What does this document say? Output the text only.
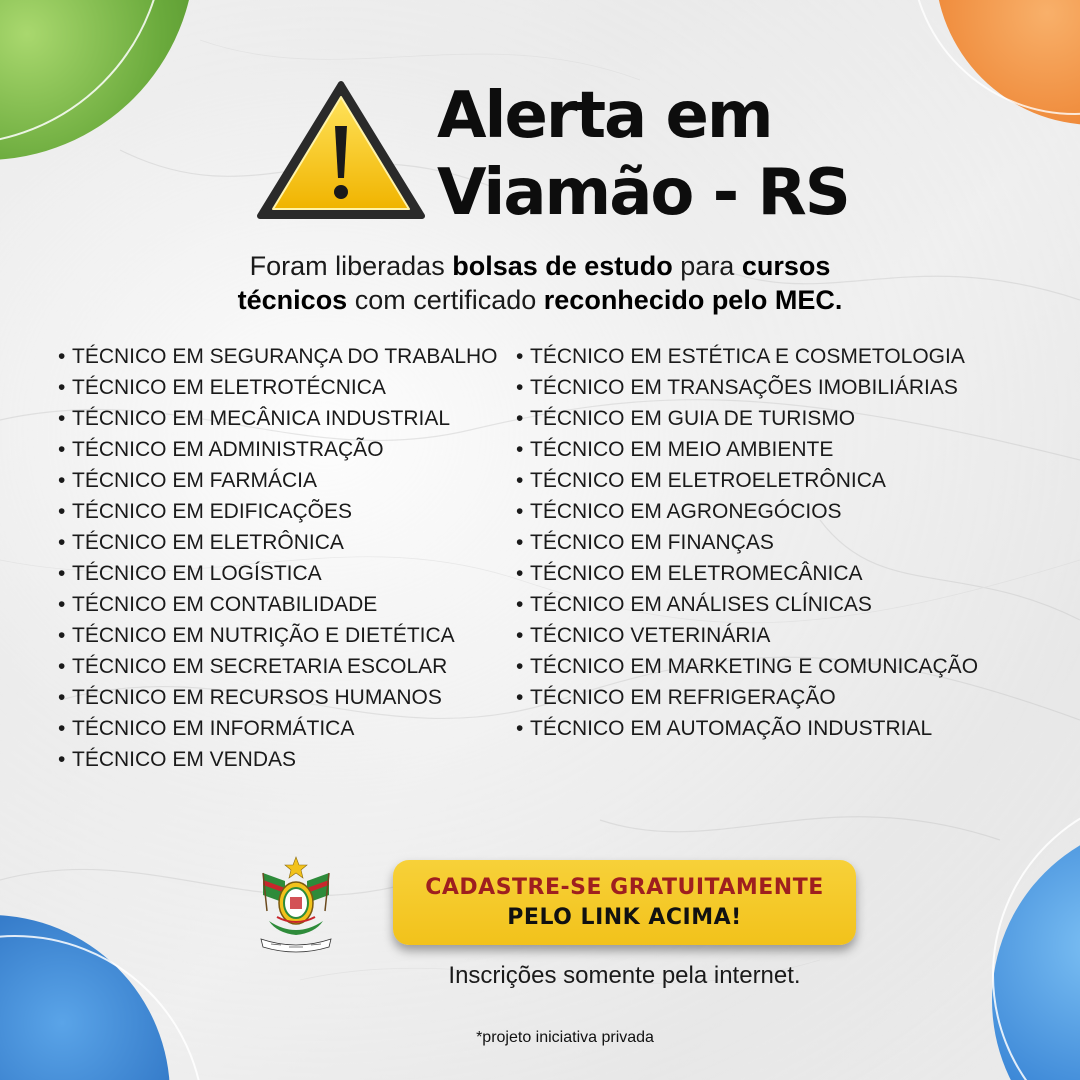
Alerta em
Viamão - RS

Foram liberadas bolsas de estudo para cursos
técnicos com certificado reconhecido pelo MEC.

• TÉCNICO EM SEGURANÇA DO TRABALHO
• TÉCNICO EM ELETROTÉCNICA
• TÉCNICO EM MECÂNICA INDUSTRIAL
• TÉCNICO EM ADMINISTRAÇÃO
• TÉCNICO EM FARMÁCIA
• TÉCNICO EM EDIFICAÇÕES
• TÉCNICO EM ELETRÔNICA
• TÉCNICO EM LOGÍSTICA
• TÉCNICO EM CONTABILIDADE
• TÉCNICO EM NUTRIÇÃO E DIETÉTICA
• TÉCNICO EM SECRETARIA ESCOLAR
• TÉCNICO EM RECURSOS HUMANOS
• TÉCNICO EM INFORMÁTICA
• TÉCNICO EM VENDAS
• TÉCNICO EM ESTÉTICA E COSMETOLOGIA
• TÉCNICO EM TRANSAÇÕES IMOBILIÁRIAS
• TÉCNICO EM GUIA DE TURISMO
• TÉCNICO EM MEIO AMBIENTE
• TÉCNICO EM ELETROELETRÔNICA
• TÉCNICO EM AGRONEGÓCIOS
• TÉCNICO EM FINANÇAS
• TÉCNICO EM ELETROMECÂNICA
• TÉCNICO EM ANÁLISES CLÍNICAS
• TÉCNICO VETERINÁRIA
• TÉCNICO EM MARKETING E COMUNICAÇÃO
• TÉCNICO EM REFRIGERAÇÃO
• TÉCNICO EM AUTOMAÇÃO INDUSTRIAL
CADASTRE-SE GRATUITAMENTE
PELO LINK ACIMA!

Inscrições somente pela internet.

*projeto iniciativa privada
